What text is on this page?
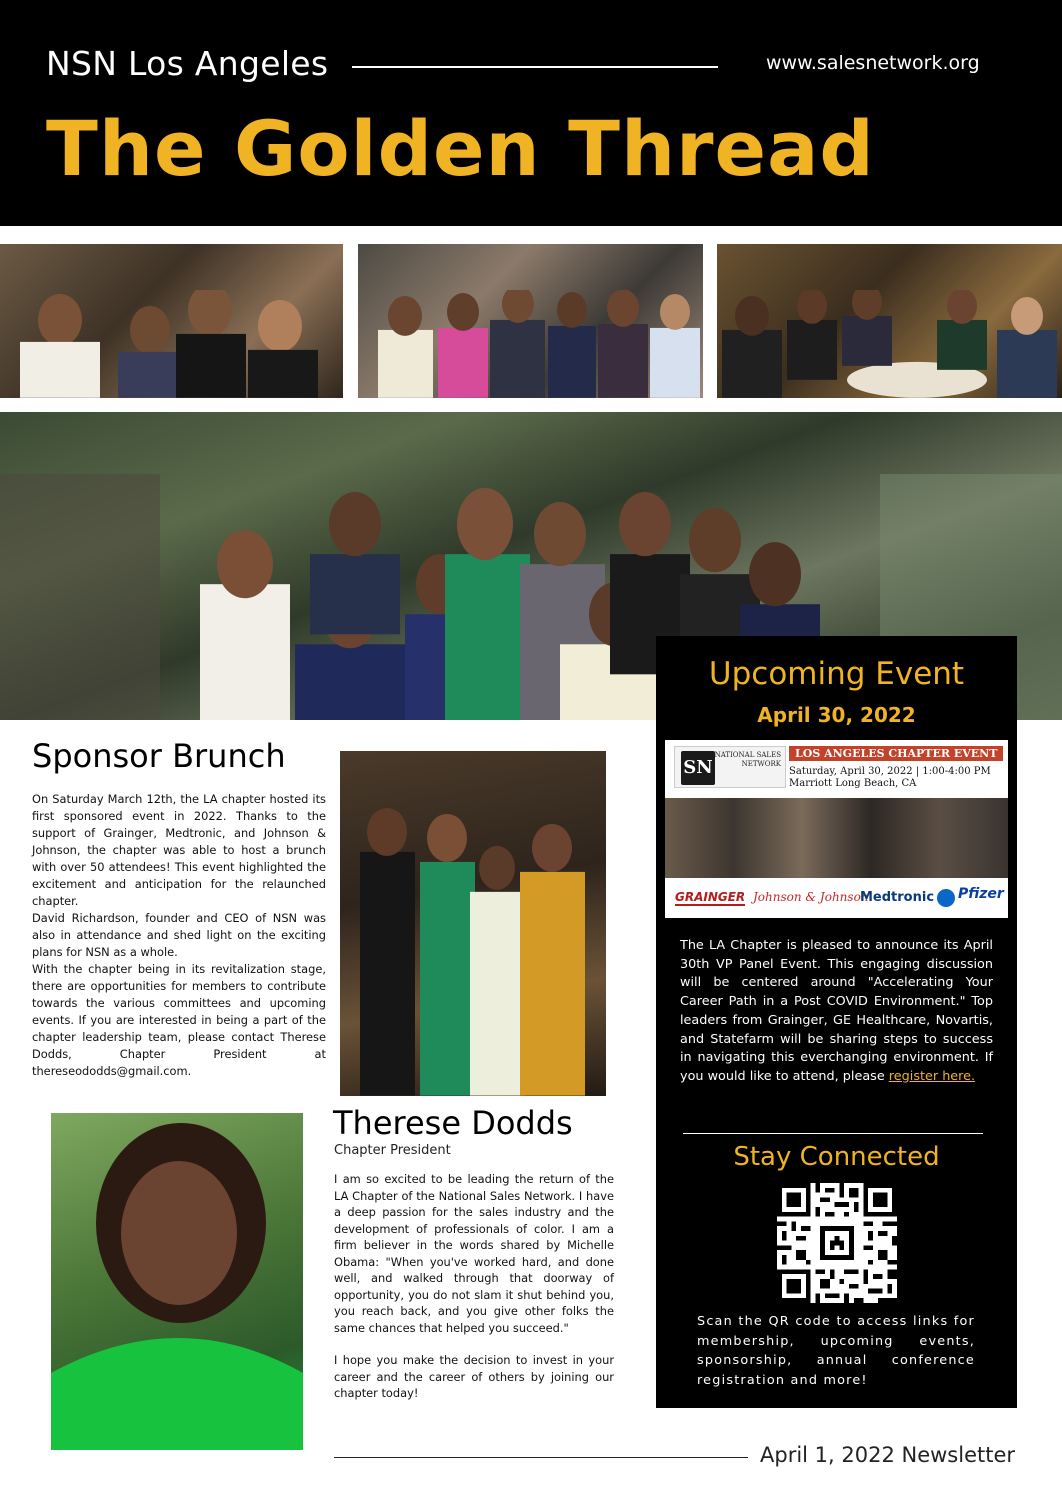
NSN Los Angeles	www.salesnetwork.org
The Golden Thread
Sponsor Brunch

On Saturday March 12th, the LA chapter hosted its first sponsored event in 2022. Thanks to the support of Grainger, Medtronic, and Johnson & Johnson, the chapter was able to host a brunch with over 50 attendees! This event highlighted the excitement and anticipation for the relaunched chapter.

David Richardson, founder and CEO of NSN was also in attendance and shed light on the exciting plans for NSN as a whole.

With the chapter being in its revitalization stage, there are opportunities for members to contribute towards the various committees and upcoming events. If you are interested in being a part of the chapter leadership team, please contact Therese Dodds, Chapter President at thereseododds@gmail.com.

Therese Dodds
Chapter President

I am so excited to be leading the return of the LA Chapter of the National Sales Network. I have a deep passion for the sales industry and the development of professionals of color. I am a firm believer in the words shared by Michelle Obama: "When you've worked hard, and done well, and walked through that doorway of opportunity, you do not slam it shut behind you, you reach back, and you give other folks the same chances that helped you succeed."

I hope you make the decision to invest in your career and the career of others by joining our chapter today!

Upcoming Event
April 30, 2022
SN
NATIONAL SALES NETWORK
LOS ANGELES CHAPTER EVENT
Saturday, April 30, 2022 | 1:00-4:00 PM
Marriott Long Beach, CA
GRAINGER Johnson & Johnson
Medtronic Pfizer
The LA Chapter is pleased to announce its April 30th VP Panel Event. This engaging discussion will be centered around "Accelerating Your Career Path in a Post COVID Environment." Top leaders from Grainger, GE Healthcare, Novartis, and Statefarm will be sharing steps to success in navigating this everchanging environment. If you would like to attend, please register here.
Stay Connected
Scan the QR code to access links for membership, upcoming events, sponsorship, annual conference registration and more!
April 1, 2022 Newsletter
